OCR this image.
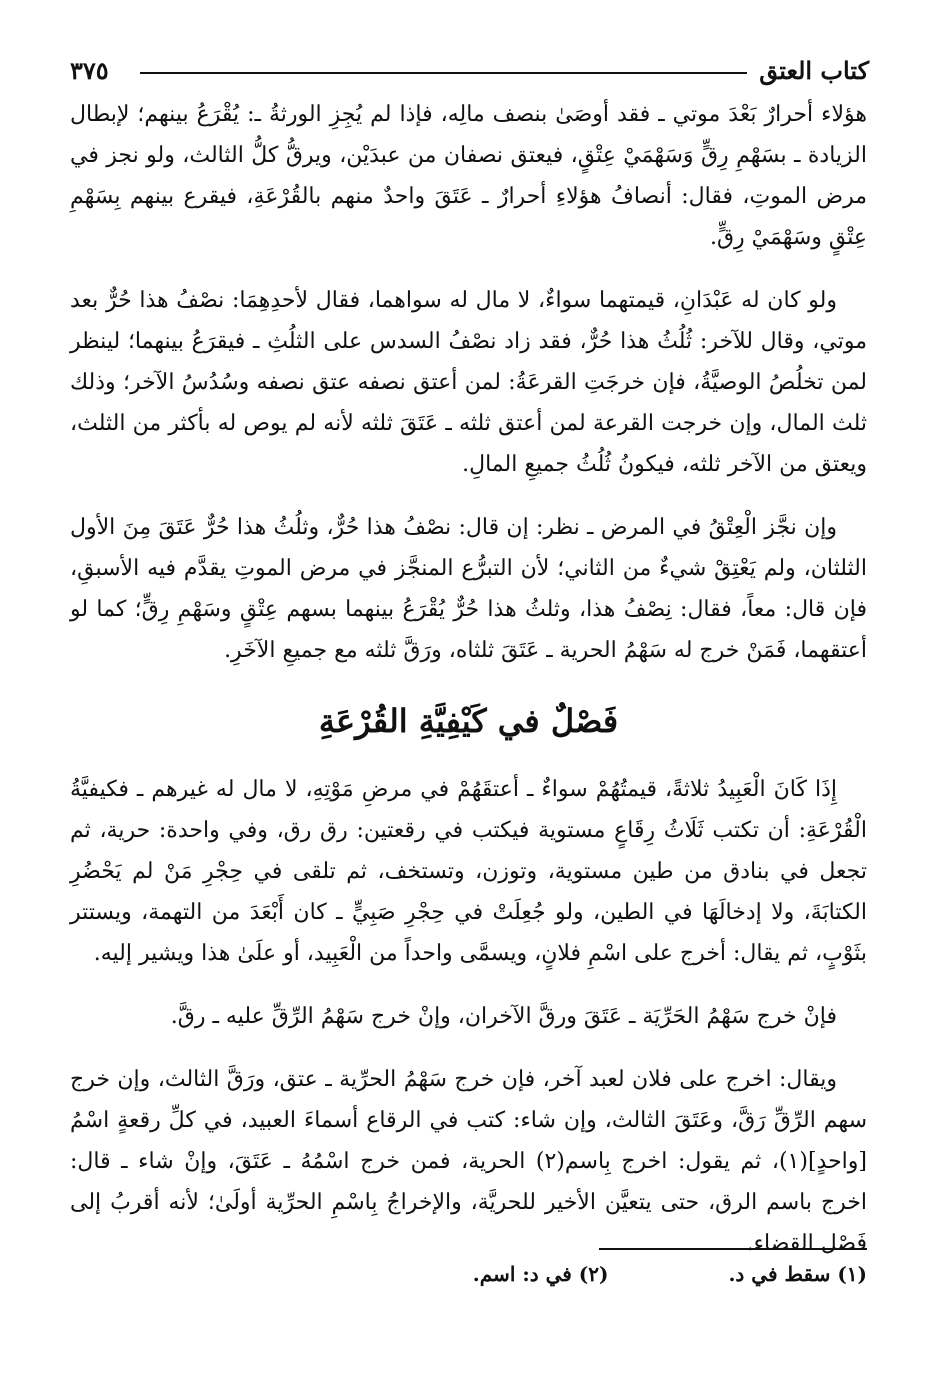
كتاب العتق
٣٧٥

هؤلاء أحرارٌ بَعْدَ موتي ـ فقد أوصَىٰ بنصف مالِه، فإذا لم يُجِزِ الورثةُ ـ: يُقْرَعُ بينهم؛ لإبطال الزيادة ـ بسَهْمِ رِقٍّ وَسَهْمَيْ عِتْقٍ، فيعتق نصفان من عبدَيْن، ويرقُّ كلُّ الثالث، ولو نجز في مرض الموتِ، فقال: أنصافُ هؤلاءِ أحرارٌ ـ عَتَقَ واحدٌ منهم بالقُرْعَةِ، فيقرع بينهم بِسَهْمِ عِتْقٍ وسَهْمَيْ رِقٍّ.

ولو كان له عَبْدَانِ، قيمتهما سواءٌ، لا مال له سواهما، فقال لأحدِهِمَا: نصْفُ هذا حُرٌّ بعد موتي، وقال للآخر: ثُلُثُ هذا حُرٌّ، فقد زاد نصْفُ السدس على الثلُثِ ـ فيقرَعُ بينهما؛ لينظر لمن تخلُصُ الوصيَّةُ، فإن خرجَتِ القرعَةُ: لمن أعتق نصفه عتق نصفه وسُدُسُ الآخر؛ وذلك ثلث المال، وإن خرجت القرعة لمن أعتق ثلثه ـ عَتَقَ ثلثه لأنه لم يوص له بأكثر من الثلث، ويعتق من الآخر ثلثه، فيكونُ ثُلُثُ جميعِ المالِ.

وإن نجَّز الْعِتْقُ في المرض ـ نظر: إن قال: نصْفُ هذا حُرٌّ، وثلُثُ هذا حُرٌّ عَتَقَ مِنَ الأول الثلثان، ولم يَعْتِقْ شيءٌ من الثاني؛ لأن التبرُّع المنجَّز في مرض الموتِ يقدَّم فيه الأسبقِ، فإن قال: معاً، فقال: نِصْفُ هذا، وثلثُ هذا حُرٌّ يُقْرَعُ بينهما بسهم عِتْقٍ وسَهْمِ رِقٍّ؛ كما لو أعتقهما، فَمَنْ خرج له سَهْمُ الحرية ـ عَتَقَ ثلثاه، ورَقَّ ثلثه مع جميعِ الآخَرِ.

فَصْلٌ في كَيْفِيَّةِ القُرْعَةِ

إِذَا كَانَ الْعَبِيدُ ثلاثةً، قيمتُهُمْ سواءٌ ـ أعتقَهُمْ في مرضِ مَوْتِهِ، لا مال له غيرهم ـ فكيفيَّةُ الْقُرْعَةِ: أن تكتب ثَلَاثُ رِقَاعٍ مستوية فيكتب في رقعتين: رق رق، وفي واحدة: حرية، ثم تجعل في بنادق من طين مستوية، وتوزن، وتستخف، ثم تلقى في حِجْرِ مَنْ لم يَحْضُرِ الكتابَةَ، ولا إدخالَهَا في الطين، ولو جُعِلَتْ في حِجْرِ صَبِيٍّ ـ كان أَبْعَدَ من التهمة، ويستتر بثَوْبٍ، ثم يقال: أخرج على اسْمِ فلانٍ، ويسمَّى واحداً من الْعَبِيد، أو علَىٰ هذا ويشير إليه.

فإنْ خرج سَهْمُ الحَرِّيَة ـ عَتَقَ ورقَّ الآخران، وإنْ خرج سَهْمُ الرِّقِّ عليه ـ رقَّ.

ويقال: اخرج على فلان لعبد آخر، فإن خرج سَهْمُ الحرِّية ـ عتق، ورَقَّ الثالث، وإن خرج سهم الرِّقِّ رَقَّ، وعَتَقَ الثالث، وإن شاء: كتب في الرقاع أسماءَ العبيد، في كلِّ رقعةٍ اسْمُ [واحدٍ](١)، ثم يقول: اخرج بِاسم(٢) الحرية، فمن خرج اسْمُهُ ـ عَتَقَ، وإنْ شاء ـ قال: اخرج باسم الرق، حتى يتعيَّن الأخير للحريَّة، والإخراجُ بِاسْمِ الحرِّية أولَىٰ؛ لأنه أقربُ إلى فَصْل القضاء.

(١) سقط في د.
(٢) في د: اسم.
